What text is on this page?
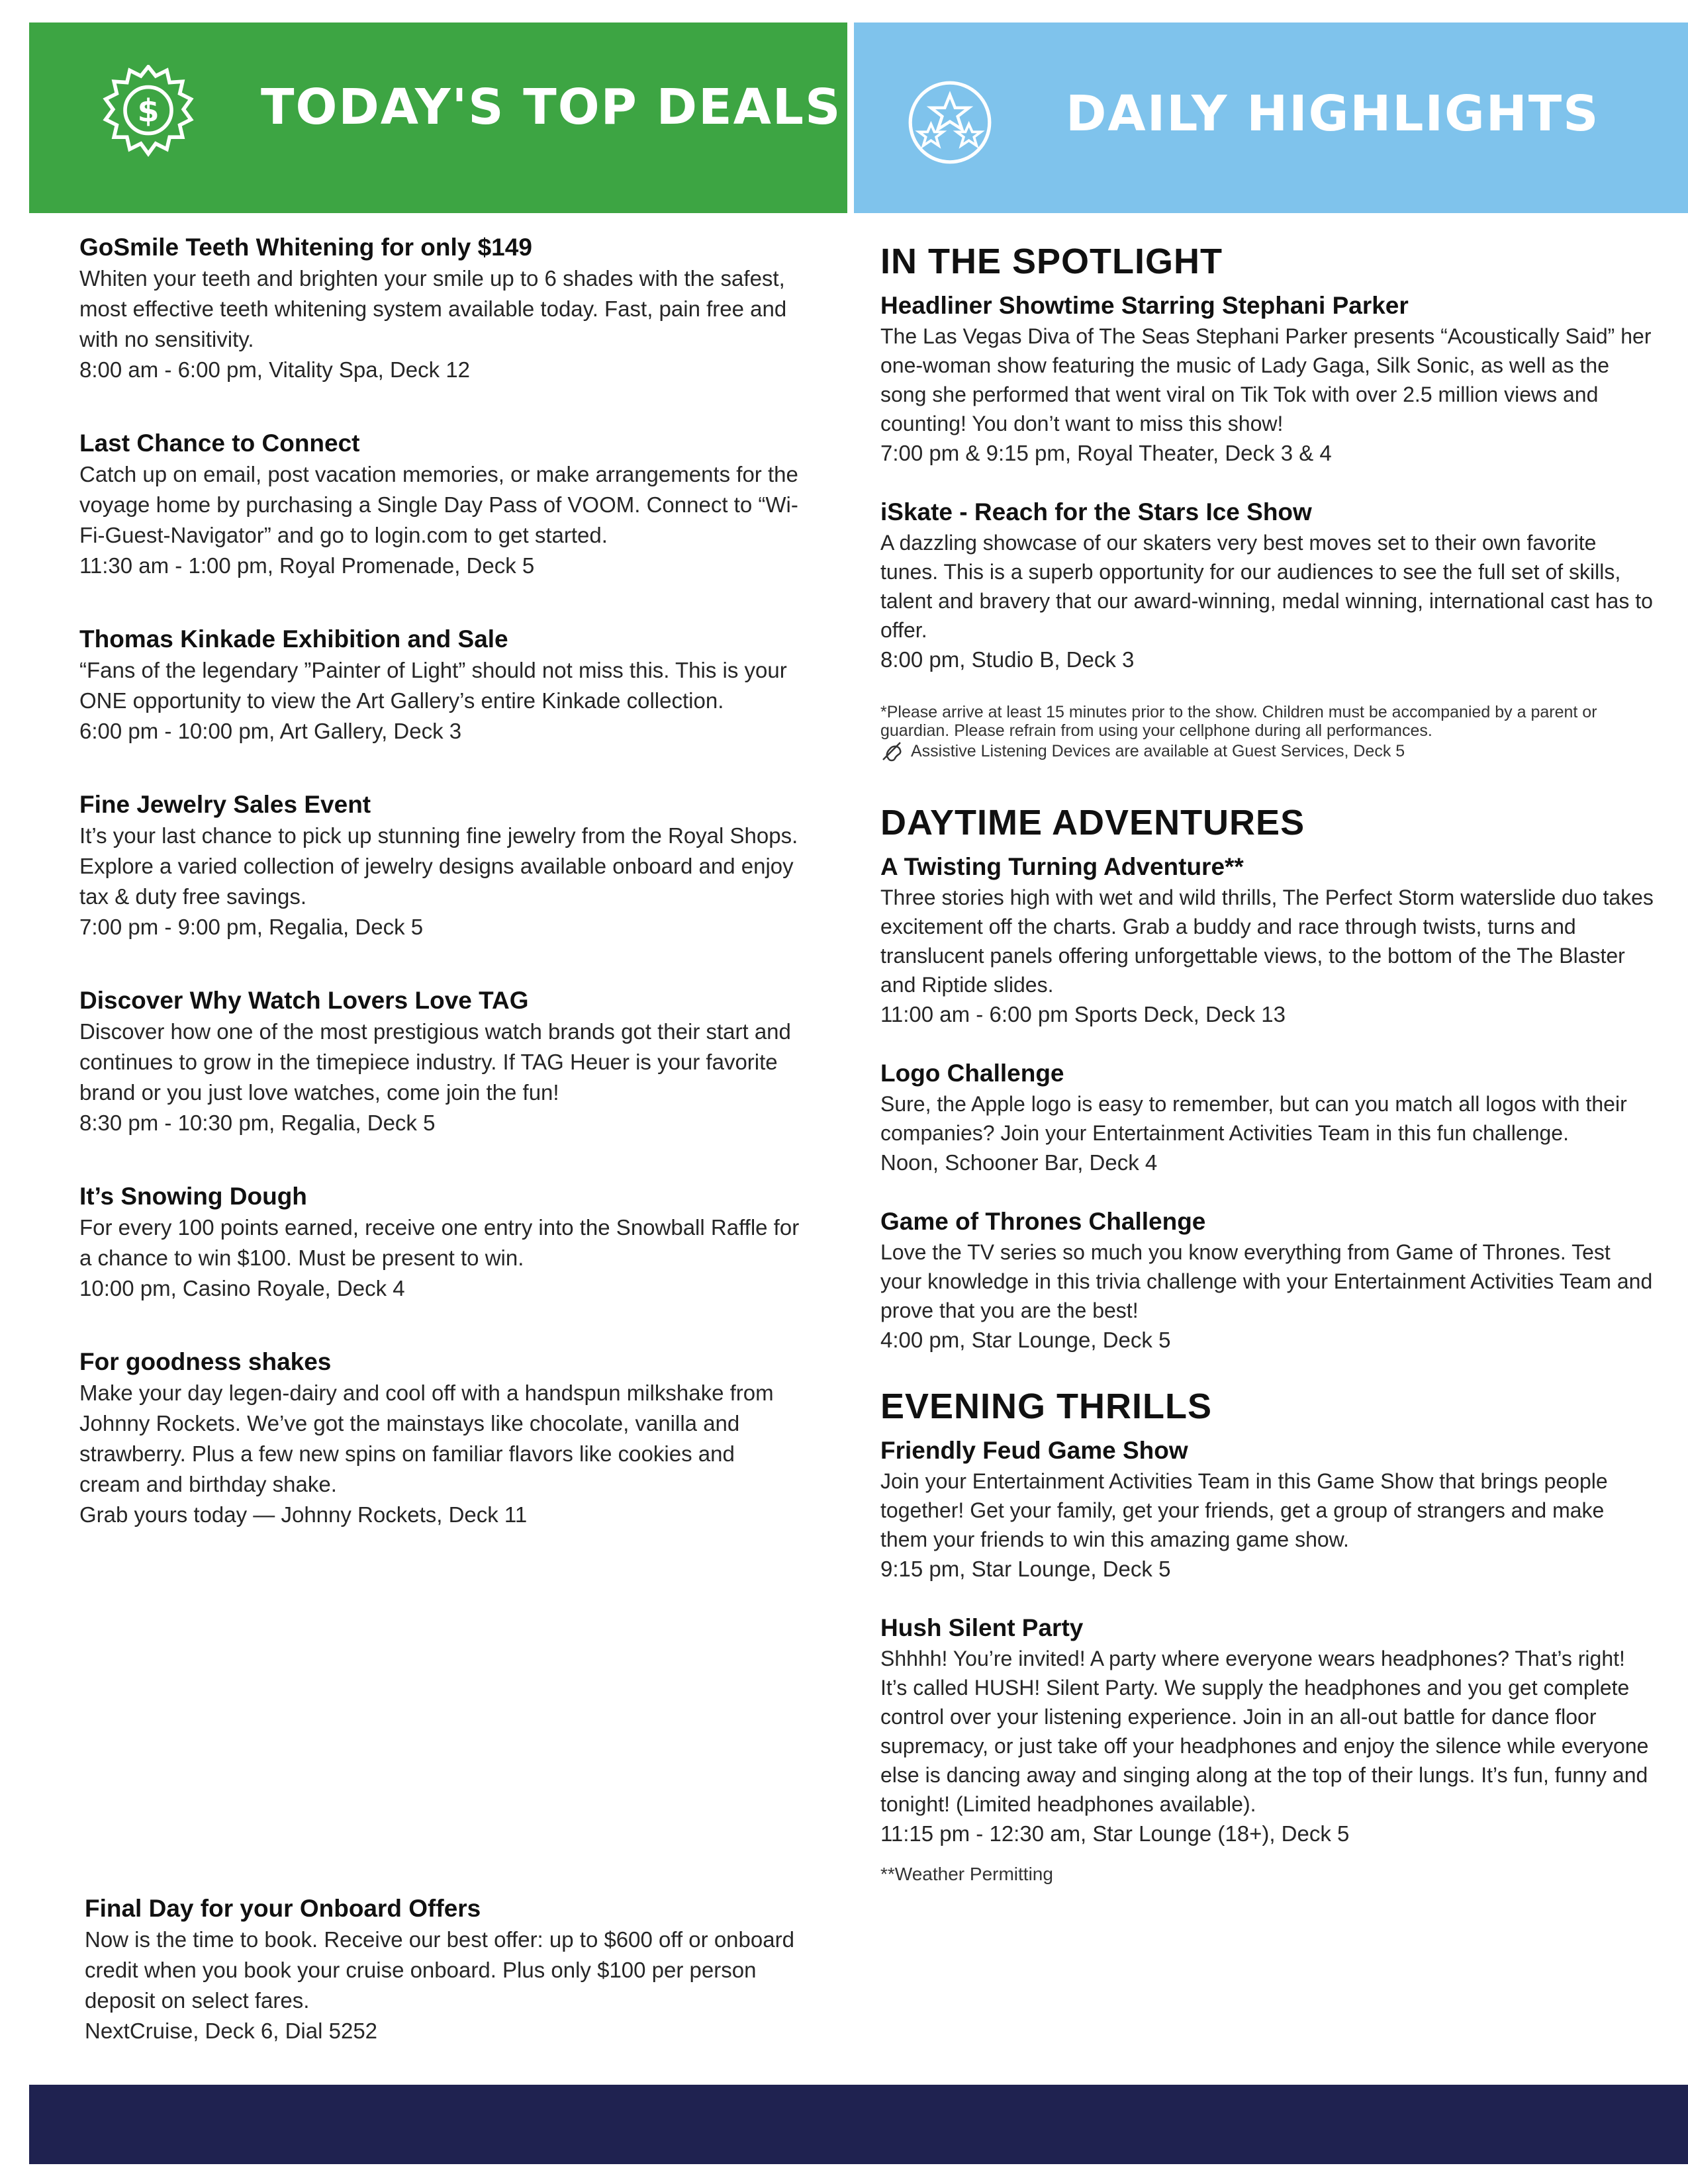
$ TODAY'S TOP DEALS	DAILY HIGHLIGHTS
GoSmile Teeth Whitening for only $149
Whiten your teeth and brighten your smile up to 6 shades with the safest, most effective teeth whitening system available today. Fast, pain free and with no sensitivity.
8:00 am - 6:00 pm, Vitality Spa, Deck 12
Last Chance to Connect
Catch up on email, post vacation memories, or make arrangements for the voyage home by purchasing a Single Day Pass of VOOM. Connect to “Wi-Fi-Guest-Navigator” and go to login.com to get started.
11:30 am - 1:00 pm, Royal Promenade, Deck 5
Thomas Kinkade Exhibition and Sale
“Fans of the legendary ”Painter of Light” should not miss this. This is your ONE opportunity to view the Art Gallery’s entire Kinkade collection.
6:00 pm - 10:00 pm, Art Gallery, Deck 3
Fine Jewelry Sales Event
It’s your last chance to pick up stunning fine jewelry from the Royal Shops. Explore a varied collection of jewelry designs available onboard and enjoy tax & duty free savings.
7:00 pm - 9:00 pm, Regalia, Deck 5
Discover Why Watch Lovers Love TAG
Discover how one of the most prestigious watch brands got their start and continues to grow in the timepiece industry. If TAG Heuer is your favorite brand or you just love watches, come join the fun!
8:30 pm - 10:30 pm, Regalia, Deck 5
It’s Snowing Dough
For every 100 points earned, receive one entry into the Snowball Raffle for a chance to win $100. Must be present to win.
10:00 pm, Casino Royale, Deck 4
For goodness shakes
Make your day legen-dairy and cool off with a handspun milkshake from Johnny Rockets. We’ve got the mainstays like chocolate, vanilla and strawberry. Plus a few new spins on familiar flavors like cookies and cream and birthday shake.
Grab yours today — Johnny Rockets, Deck 11
Final Day for your Onboard Offers
Now is the time to book. Receive our best offer: up to $600 off or onboard credit when you book your cruise onboard. Plus only $100 per person deposit on select fares.
NextCruise, Deck 6, Dial 5252
IN THE SPOTLIGHT
Headliner Showtime Starring Stephani Parker
The Las Vegas Diva of The Seas Stephani Parker presents “Acoustically Said” her one-woman show featuring the music of Lady Gaga, Silk Sonic, as well as the song she performed that went viral on Tik Tok with over 2.5 million views and counting! You don’t want to miss this show!
7:00 pm & 9:15 pm, Royal Theater, Deck 3 & 4
iSkate - Reach for the Stars Ice Show
A dazzling showcase of our skaters very best moves set to their own favorite tunes. This is a superb opportunity for our audiences to see the full set of skills, talent and bravery that our award-winning, medal winning, international cast has to offer.
8:00 pm, Studio B, Deck 3
*Please arrive at least 15 minutes prior to the show. Children must be accompanied by a parent or guardian. Please refrain from using your cellphone during all performances.
Assistive Listening Devices are available at Guest Services, Deck 5
DAYTIME ADVENTURES
A Twisting Turning Adventure**
Three stories high with wet and wild thrills, The Perfect Storm waterslide duo takes excitement off the charts. Grab a buddy and race through twists, turns and translucent panels offering unforgettable views, to the bottom of the The Blaster and Riptide slides.
11:00 am - 6:00 pm Sports Deck, Deck 13
Logo Challenge
Sure, the Apple logo is easy to remember, but can you match all logos with their companies? Join your Entertainment Activities Team in this fun challenge.
Noon, Schooner Bar, Deck 4
Game of Thrones Challenge
Love the TV series so much you know everything from Game of Thrones. Test your knowledge in this trivia challenge with your Entertainment Activities Team and prove that you are the best!
4:00 pm, Star Lounge, Deck 5
EVENING THRILLS
Friendly Feud Game Show
Join your Entertainment Activities Team in this Game Show that brings people together! Get your family, get your friends, get a group of strangers and make them your friends to win this amazing game show.
9:15 pm, Star Lounge, Deck 5
Hush Silent Party
Shhhh! You’re invited! A party where everyone wears headphones? That’s right! It’s called HUSH! Silent Party. We supply the headphones and you get complete control over your listening experience. Join in an all-out battle for dance floor supremacy, or just take off your headphones and enjoy the silence while everyone else is dancing away and singing along at the top of their lungs. It’s fun, funny and tonight! (Limited headphones available).
11:15 pm - 12:30 am, Star Lounge (18+), Deck 5
**Weather Permitting
